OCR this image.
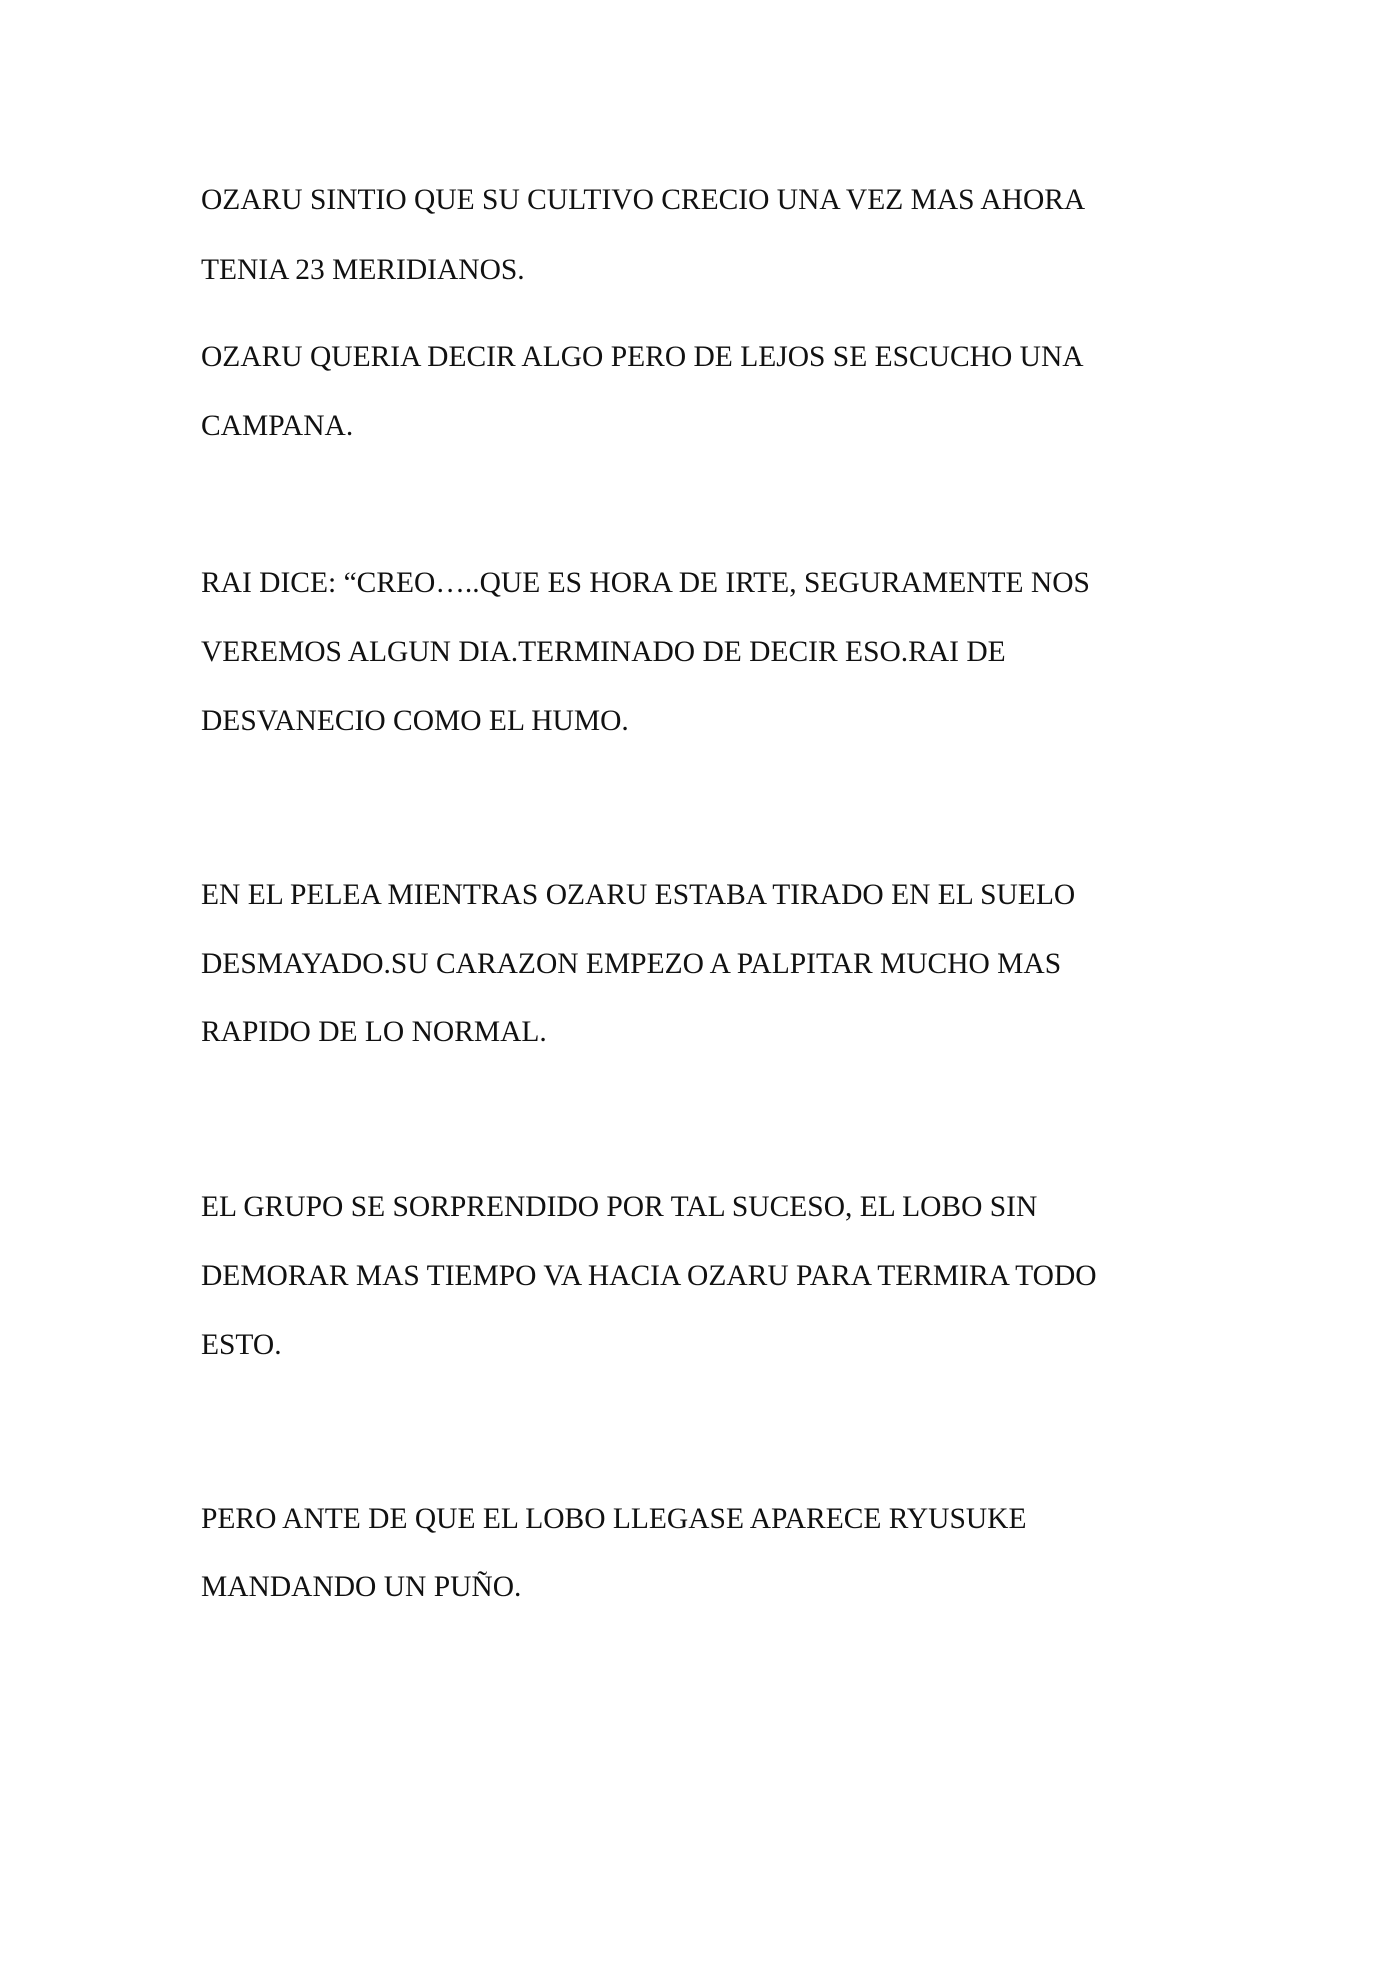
OZARU SINTIO QUE SU CULTIVO CRECIO UNA VEZ MAS AHORA
TENIA 23 MERIDIANOS.
OZARU QUERIA DECIR ALGO PERO DE LEJOS SE ESCUCHO UNA
CAMPANA.
RAI DICE: “CREO…..QUE ES HORA DE IRTE, SEGURAMENTE NOS
VEREMOS ALGUN DIA.TERMINADO DE DECIR ESO.RAI DE
DESVANECIO COMO EL HUMO.
EN EL PELEA MIENTRAS OZARU ESTABA TIRADO EN EL SUELO
DESMAYADO.SU CARAZON EMPEZO A PALPITAR MUCHO MAS
RAPIDO DE LO NORMAL.
EL GRUPO SE SORPRENDIDO POR TAL SUCESO, EL LOBO SIN
DEMORAR MAS TIEMPO VA HACIA OZARU PARA TERMIRA TODO
ESTO.
PERO ANTE DE QUE EL LOBO LLEGASE APARECE RYUSUKE
MANDANDO UN PUÑO.
